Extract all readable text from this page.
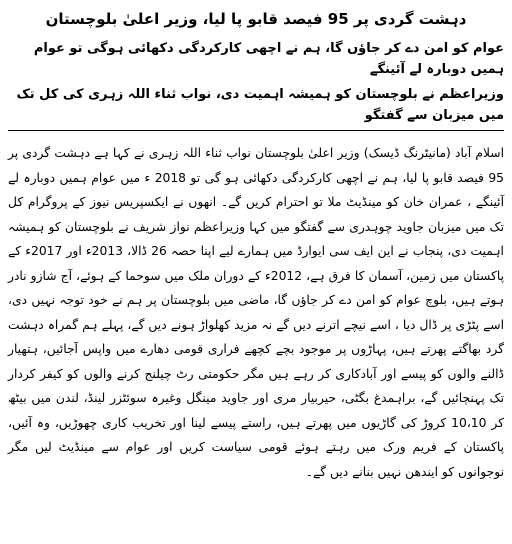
دہشت گردی پر 95 فیصد قابو پا لیا، وزیر اعلیٰ بلوچستان
عوام کو امن دے کر جاؤں گا، ہم نے اچھی کارکردگی دکھائی ہوگی تو عوام ہمیں دوبارہ لے آئینگے
وزیراعظم نے بلوچستان کو ہمیشہ اہمیت دی، نواب ثناء اللہ زہری کی کل تک میں میزبان سے گفتگو
اسلام آباد (مانیٹرنگ ڈیسک) وزیر اعلیٰ بلوچستان نواب ثناء اللہ زہری نے کہا ہے دہشت گردی پر 95 فیصد قابو پا لیا، ہم نے اچھی کارکردگی دکھائی ہو گی تو 2018 ء میں عوام ہمیں دوبارہ لے آئینگے ، عمران خان کو مینڈیٹ ملا تو احترام کریں گے۔ انھوں نے ایکسپریس نیوز کے پروگرام کل تک میں میزبان جاوید چوہدری سے گفتگو میں کہا وزیراعظم نواز شریف نے بلوچستان کو ہمیشہ اہمیت دی، پنجاب نے این ایف سی ایوارڈ میں ہمارے لیے اپنا حصہ 26 ڈالا، 2013ء اور 2017ء کے پاکستان میں زمین، آسمان کا فرق ہے، 2012ء کے دوران ملک میں سوحما کے ہوئے، آج شازو نادر ہوتے ہیں، بلوچ عوام کو امن دے کر جاؤں گا، ماضی میں بلوچستان پر ہم نے خود توجہ نہیں دی، اسے پٹڑی پر ڈال دیا ، اسے نیچے اترنے دیں گے نہ مزید کھلواڑ ہونے دیں گے، پہلے ہم گمراہ دہشت گرد بھاگتے پھرتے ہیں، پہاڑوں پر موجود بچے کچھے فراری قومی دھارے میں واپس آجائیں، ہتھیار ڈالنے والوں کو پیسے اور آبادکاری کر رہے ہیں مگر حکومتی رٹ چیلنج کرنے والوں کو کیفر کردار تک پہنچائیں گے، براہمدغ بگٹی، حیربیار مری اور جاوید مینگل وغیرہ سوئٹزر لینڈ، لندن میں بیٹھ کر 10،10 کروڑ کی گاڑیوں میں پھرتے ہیں، راستے پیسے لینا اور تخریب کاری چھوڑیں، وہ آئیں، پاکستان کے فریم ورک میں رہتے ہوئے قومی سیاست کریں اور عوام سے مینڈیٹ لیں مگر نوجوانوں کو ایندھن نہیں بنانے دیں گے۔
